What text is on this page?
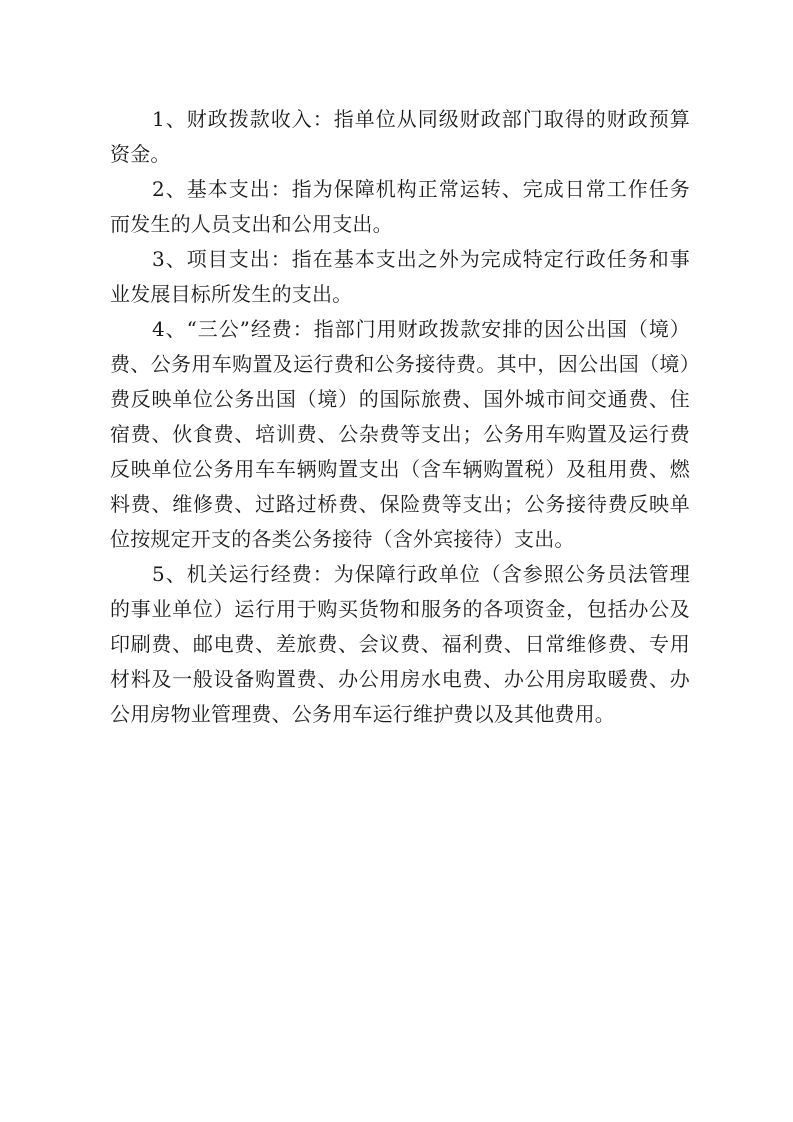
1、财政拨款收入：指单位从同级财政部门取得的财政预算资金。

2、基本支出：指为保障机构正常运转、完成日常工作任务而发生的人员支出和公用支出。

3、项目支出：指在基本支出之外为完成特定行政任务和事业发展目标所发生的支出。

4、“三公”经费：指部门用财政拨款安排的因公出国（境）费、公务用车购置及运行费和公务接待费。其中，因公出国（境）费反映单位公务出国（境）的国际旅费、国外城市间交通费、住宿费、伙食费、培训费、公杂费等支出；公务用车购置及运行费反映单位公务用车车辆购置支出（含车辆购置税）及租用费、燃料费、维修费、过路过桥费、保险费等支出；公务接待费反映单位按规定开支的各类公务接待（含外宾接待）支出。

5、机关运行经费：为保障行政单位（含参照公务员法管理的事业单位）运行用于购买货物和服务的各项资金，包括办公及印刷费、邮电费、差旅费、会议费、福利费、日常维修费、专用材料及一般设备购置费、办公用房水电费、办公用房取暖费、办公用房物业管理费、公务用车运行维护费以及其他费用。
